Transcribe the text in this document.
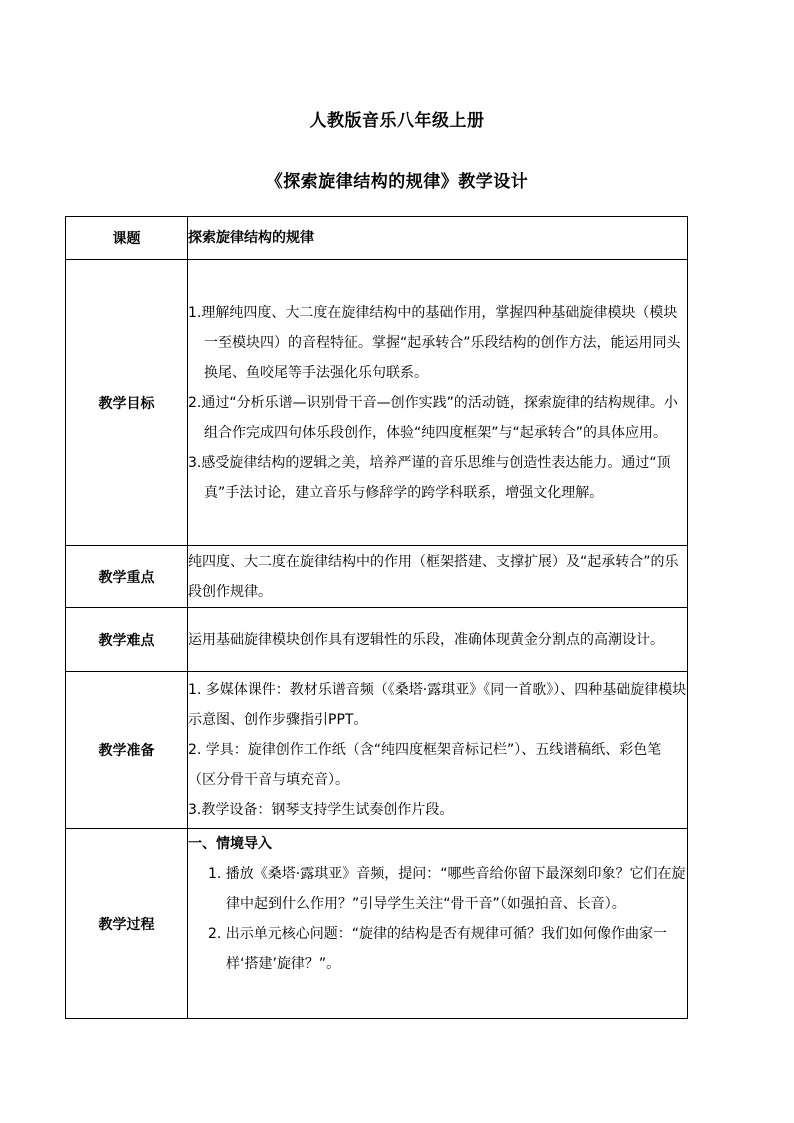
人教版音乐八年级上册
《探索旋律结构的规律》教学设计
课题	探索旋律结构的规律
教学目标	1.理解纯四度、大二度在旋律结构中的基础作用，掌握四种基础旋律模块（模块一至模块四）的音程特征。掌握“起承转合”乐段结构的创作方法，能运用同头换尾、鱼咬尾等手法强化乐句联系。
2.通过“分析乐谱—识别骨干音—创作实践”的活动链，探索旋律的结构规律。小组合作完成四句体乐段创作，体验“纯四度框架”与“起承转合”的具体应用。
3.感受旋律结构的逻辑之美，培养严谨的音乐思维与创造性表达能力。通过“顶真”手法讨论，建立音乐与修辞学的跨学科联系，增强文化理解。

教学重点	纯四度、大二度在旋律结构中的作用（框架搭建、支撑扩展）及“起承转合”的乐段创作规律。
教学难点	运用基础旋律模块创作具有逻辑性的乐段，准确体现黄金分割点的高潮设计。
教学准备	1. 多媒体课件：教材乐谱音频（《桑塔·露琪亚》《同一首歌》）、四种基础旋律模块示意图、创作步骤指引PPT。
2. 学具：旋律创作工作纸（含“纯四度框架音标记栏”）、五线谱稿纸、彩色笔（区分骨干音与填充音）。
3.教学设备：钢琴支持学生试奏创作片段。

教学过程	一、情境导入
1. 播放《桑塔·露琪亚》音频，提问：“哪些音给你留下最深刻印象？它们在旋律中起到什么作用？”引导学生关注“骨干音”（如强拍音、长音）。
2. 出示单元核心问题：“旋律的结构是否有规律可循？我们如何像作曲家一样‘搭建’旋律？”。
